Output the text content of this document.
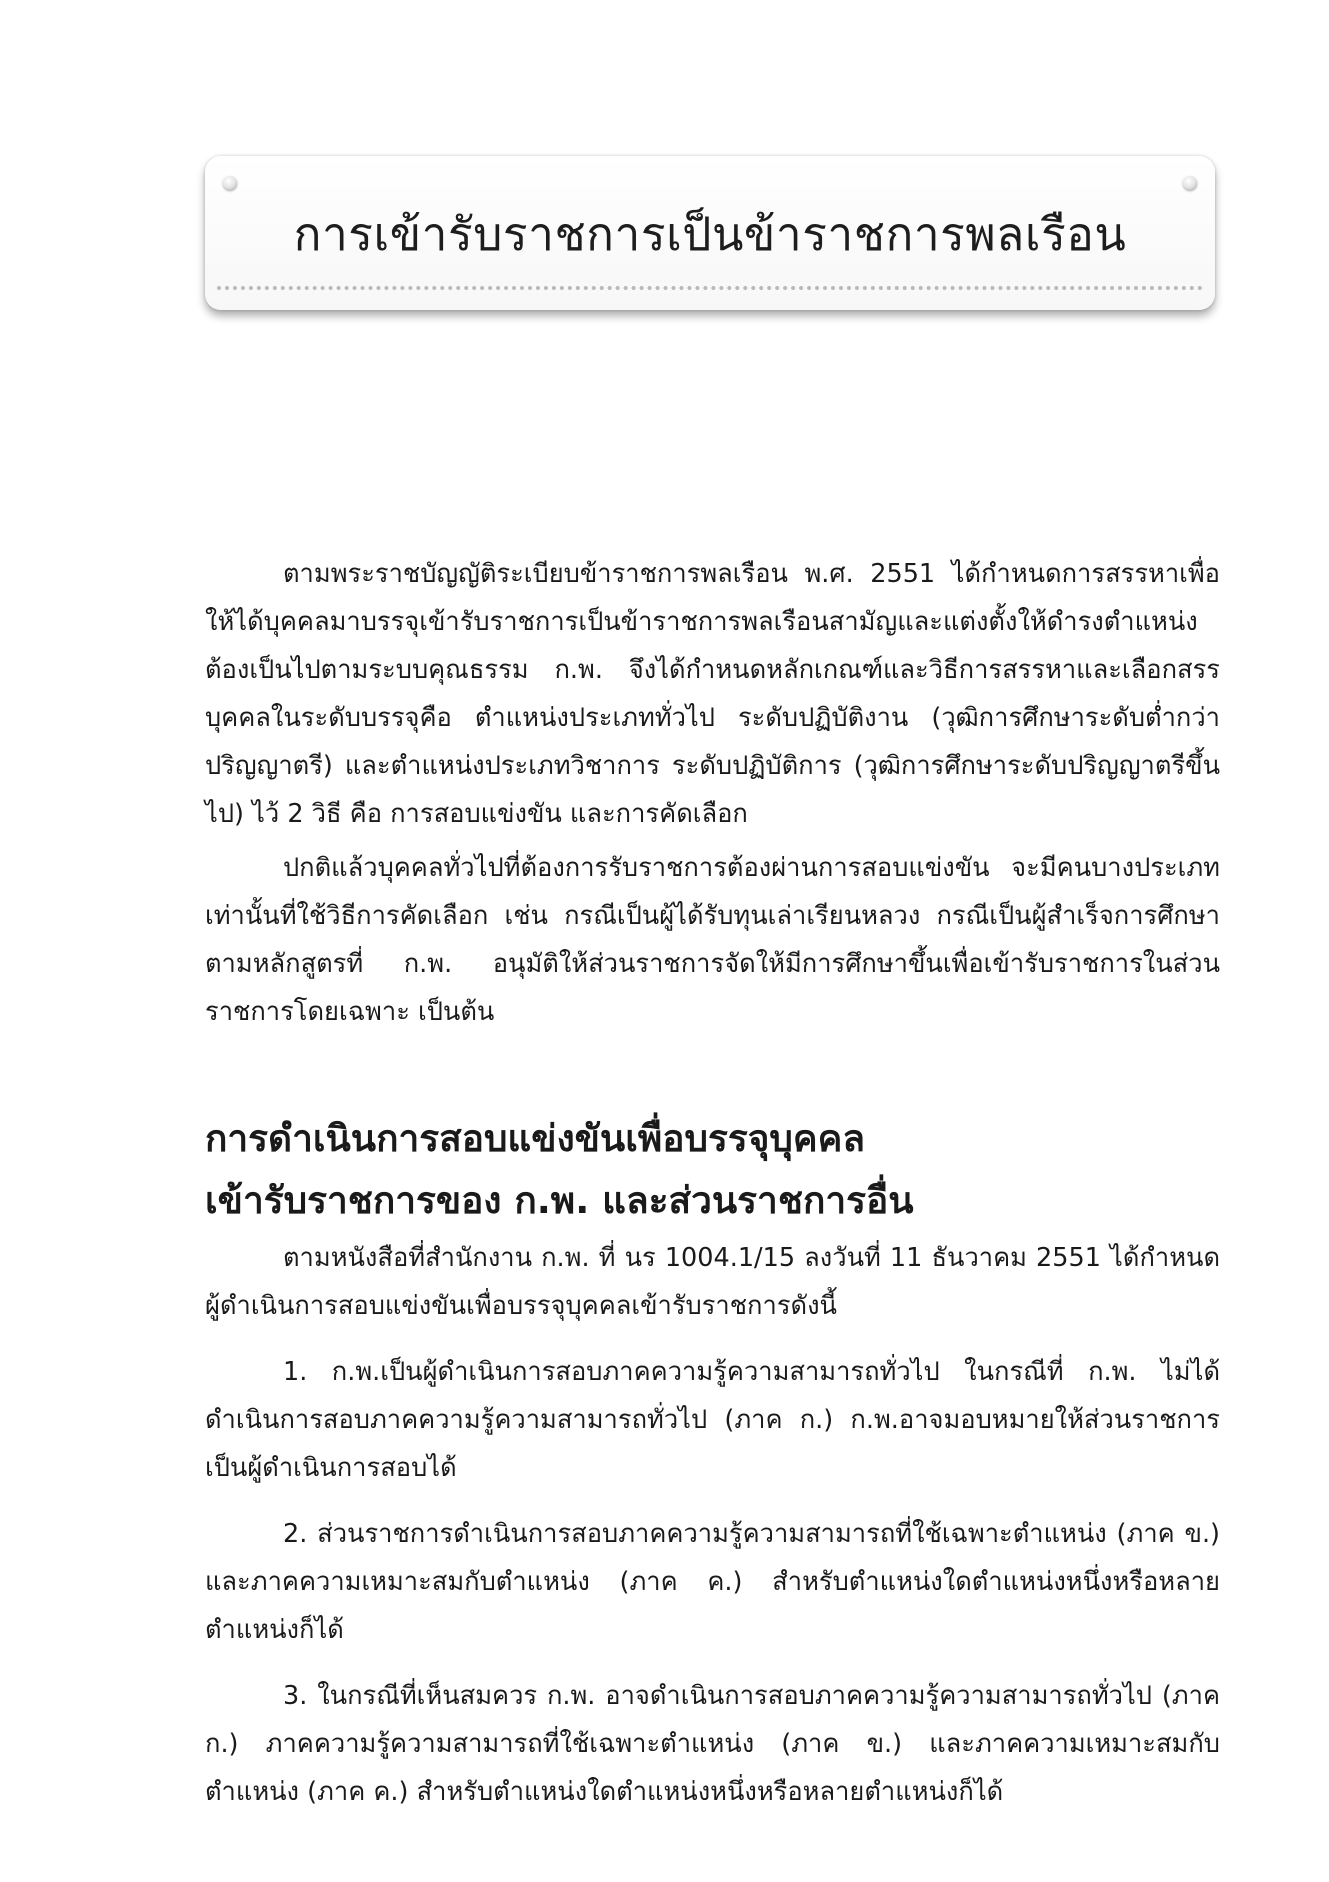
การเข้ารับราชการเป็นข้าราชการพลเรือน

ตามพระราชบัญญัติระเบียบข้าราชการพลเรือน พ.ศ. 2551 ได้กำหนดการสรรหาเพื่อให้ได้บุคคลมาบรรจุเข้ารับราชการเป็นข้าราชการพลเรือนสามัญและแต่งตั้งให้ดำรงตำแหน่ง ต้องเป็นไปตามระบบคุณธรรม ก.พ. จึงได้กำหนดหลักเกณฑ์และวิธีการสรรหาและเลือกสรรบุคคลในระดับบรรจุคือ ตำแหน่งประเภททั่วไป ระดับปฏิบัติงาน (วุฒิการศึกษาระดับต่ำกว่าปริญญาตรี) และตำแหน่งประเภทวิชาการ ระดับปฏิบัติการ (วุฒิการศึกษาระดับปริญญาตรีขึ้นไป) ไว้ 2 วิธี คือ การสอบแข่งขัน และการคัดเลือก

ปกติแล้วบุคคลทั่วไปที่ต้องการรับราชการต้องผ่านการสอบแข่งขัน จะมีคนบางประเภทเท่านั้นที่ใช้วิธีการคัดเลือก เช่น กรณีเป็นผู้ได้รับทุนเล่าเรียนหลวง กรณีเป็นผู้สำเร็จการศึกษาตามหลักสูตรที่ ก.พ. อนุมัติให้ส่วนราชการจัดให้มีการศึกษาขึ้นเพื่อเข้ารับราชการในส่วนราชการโดยเฉพาะ เป็นต้น

การดำเนินการสอบแข่งขันเพื่อบรรจุบุคคล
เข้ารับราชการของ ก.พ. และส่วนราชการอื่น

ตามหนังสือที่สำนักงาน ก.พ. ที่ นร 1004.1/15 ลงวันที่ 11 ธันวาคม 2551 ได้กำหนดผู้ดำเนินการสอบแข่งขันเพื่อบรรจุบุคคลเข้ารับราชการดังนี้

1. ก.พ.เป็นผู้ดำเนินการสอบภาคความรู้ความสามารถทั่วไป ในกรณีที่ ก.พ. ไม่ได้ดำเนินการสอบภาคความรู้ความสามารถทั่วไป (ภาค ก.) ก.พ.อาจมอบหมายให้ส่วนราชการเป็นผู้ดำเนินการสอบได้

2. ส่วนราชการดำเนินการสอบภาคความรู้ความสามารถที่ใช้เฉพาะตำแหน่ง (ภาค ข.) และภาคความเหมาะสมกับตำแหน่ง (ภาค ค.) สำหรับตำแหน่งใดตำแหน่งหนึ่งหรือหลายตำแหน่งก็ได้

3. ในกรณีที่เห็นสมควร ก.พ. อาจดำเนินการสอบภาคความรู้ความสามารถทั่วไป (ภาค ก.) ภาคความรู้ความสามารถที่ใช้เฉพาะตำแหน่ง (ภาค ข.) และภาคความเหมาะสมกับตำแหน่ง (ภาค ค.) สำหรับตำแหน่งใดตำแหน่งหนึ่งหรือหลายตำแหน่งก็ได้
